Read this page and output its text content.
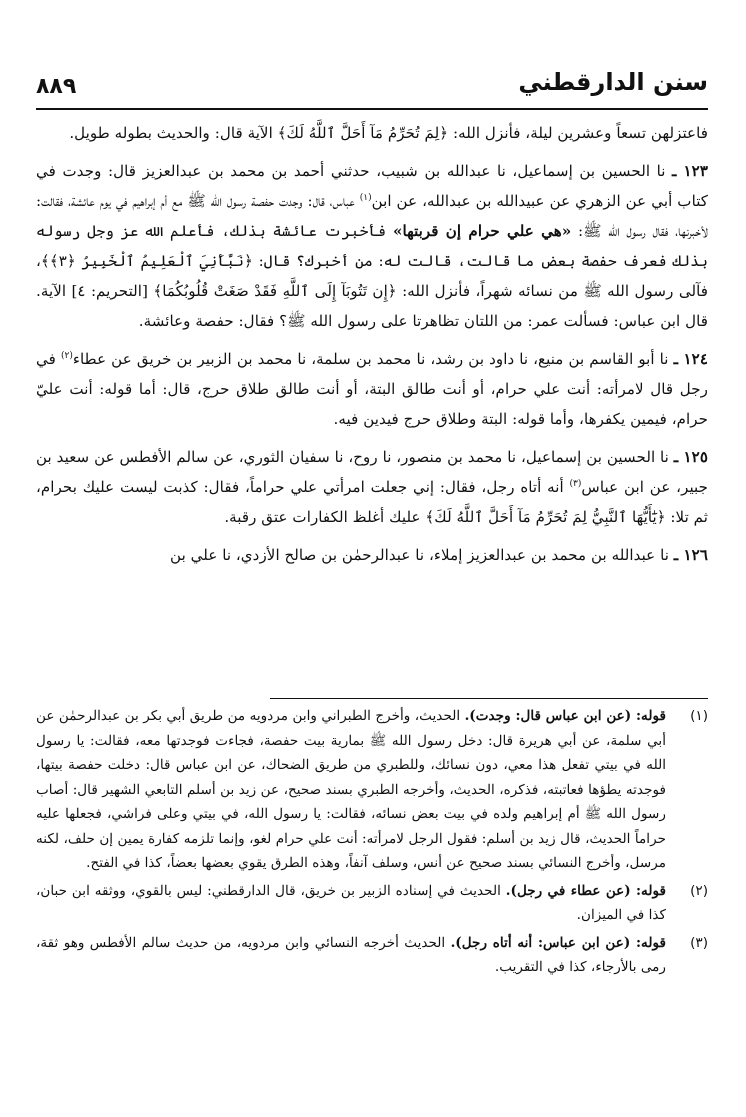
٨٨٩	سنن الدارقطني

فاعتزلهن تسعاً وعشرين ليلة، فأنزل الله: ﴿لِمَ تُحَرِّمُ مَآ أَحَلَّ ٱللَّهُ لَكَ﴾ الآية قال: والحديث بطوله طويل.

١٢٣ ـ نا الحسين بن إسماعيل، نا عبدالله بن شبيب، حدثني أحمد بن محمد بن عبدالعزيز قال: وجدت في كتاب أبي عن الزهري عن عبيدالله بن عبدالله، عن ابن$^{(١)}$ عباس، قال: وجدت حفصة رسول الله ﷺ مع أم إبراهيم في يوم عائشة، فقالت: لأخبرنها، فقال رسول الله ﷺ: «هي علي حرام إن قربتها» فأخبرت عائشة بذلك، فأعلم الله عز وجل رسوله بذلك فعرف حفصة بعض ما قالت، قالت له: من أخبرك؟ قال: ﴿نَبَّأَنِيَ ٱلْعَلِيمُ ٱلْخَبِيرُ ﴿٣﴾﴾، فآلى رسول الله ﷺ من نسائه شهراً، فأنزل الله: ﴿إِن تَتُوبَآ إِلَى ٱللَّهِ فَقَدْ صَغَتْ قُلُوبُكُمَا﴾ [التحريم: ٤] الآية. قال ابن عباس: فسألت عمر: من اللتان تظاهرتا على رسول الله ﷺ؟ فقال: حفصة وعائشة.

١٢٤ ـ نا أبو القاسم بن منيع، نا داود بن رشد، نا محمد بن سلمة، نا محمد بن الزبير بن خريق عن عطاء$^{(٢)}$ في رجل قال لامرأته: أنت علي حرام، أو أنت طالق البتة، أو أنت طالق طلاق حرج، قال: أما قوله: أنت عليّ حرام، فيمين يكفرها، وأما قوله: البتة وطلاق حرج فيدين فيه.

١٢٥ ـ نا الحسين بن إسماعيل، نا محمد بن منصور، نا روح، نا سفيان الثوري، عن سالم الأفطس عن سعيد بن جبير، عن ابن عباس$^{(٣)}$ أنه أتاه رجل، فقال: إني جعلت امرأتي علي حراماً، فقال: كذبت ليست عليك بحرام، ثم تلا: ﴿يَٰٓأَيُّهَا ٱلنَّبِيُّ لِمَ تُحَرِّمُ مَآ أَحَلَّ ٱللَّهُ لَكَ﴾ عليك أغلظ الكفارات عتق رقبة.

١٢٦ ـ نا عبدالله بن محمد بن عبدالعزيز إملاء، نا عبدالرحمٰن بن صالح الأزدي، نا علي بن

(١)
قوله: (عن ابن عباس قال: وجدت). الحديث، وأخرج الطبراني وابن مردويه من طريق أبي بكر بن عبدالرحمٰن عن أبي سلمة، عن أبي هريرة قال: دخل رسول الله ﷺ بمارية بيت حفصة، فجاءت فوجدتها معه، فقالت: يا رسول الله في بيتي تفعل هذا معي، دون نسائك، وللطبري من طريق الضحاك، عن ابن عباس قال: دخلت حفصة بيتها، فوجدته يطؤها فعاتبته، فذكره، الحديث، وأخرجه الطبري بسند صحيح، عن زيد بن أسلم التابعي الشهير قال: أصاب رسول الله ﷺ أم إبراهيم ولده في بيت بعض نسائه، فقالت: يا رسول الله، في بيتي وعلى فراشي، فجعلها عليه حراماً الحديث، قال زيد بن أسلم: فقول الرجل لامرأته: أنت علي حرام لغو، وإنما تلزمه كفارة يمين إن حلف، لكنه مرسل، وأخرج النسائي بسند صحيح عن أنس، وسلف آنفاً، وهذه الطرق يقوي بعضها بعضاً، كذا في الفتح.
(٢)
قوله: (عن عطاء في رجل). الحديث في إسناده الزبير بن خريق، قال الدارقطني: ليس بالقوي، ووثقه ابن حبان، كذا في الميزان.
(٣)
قوله: (عن ابن عباس: أنه أتاه رجل). الحديث أخرجه النسائي وابن مردويه، من حديث سالم الأفطس وهو ثقة، رمى بالأرجاء، كذا في التقريب.
